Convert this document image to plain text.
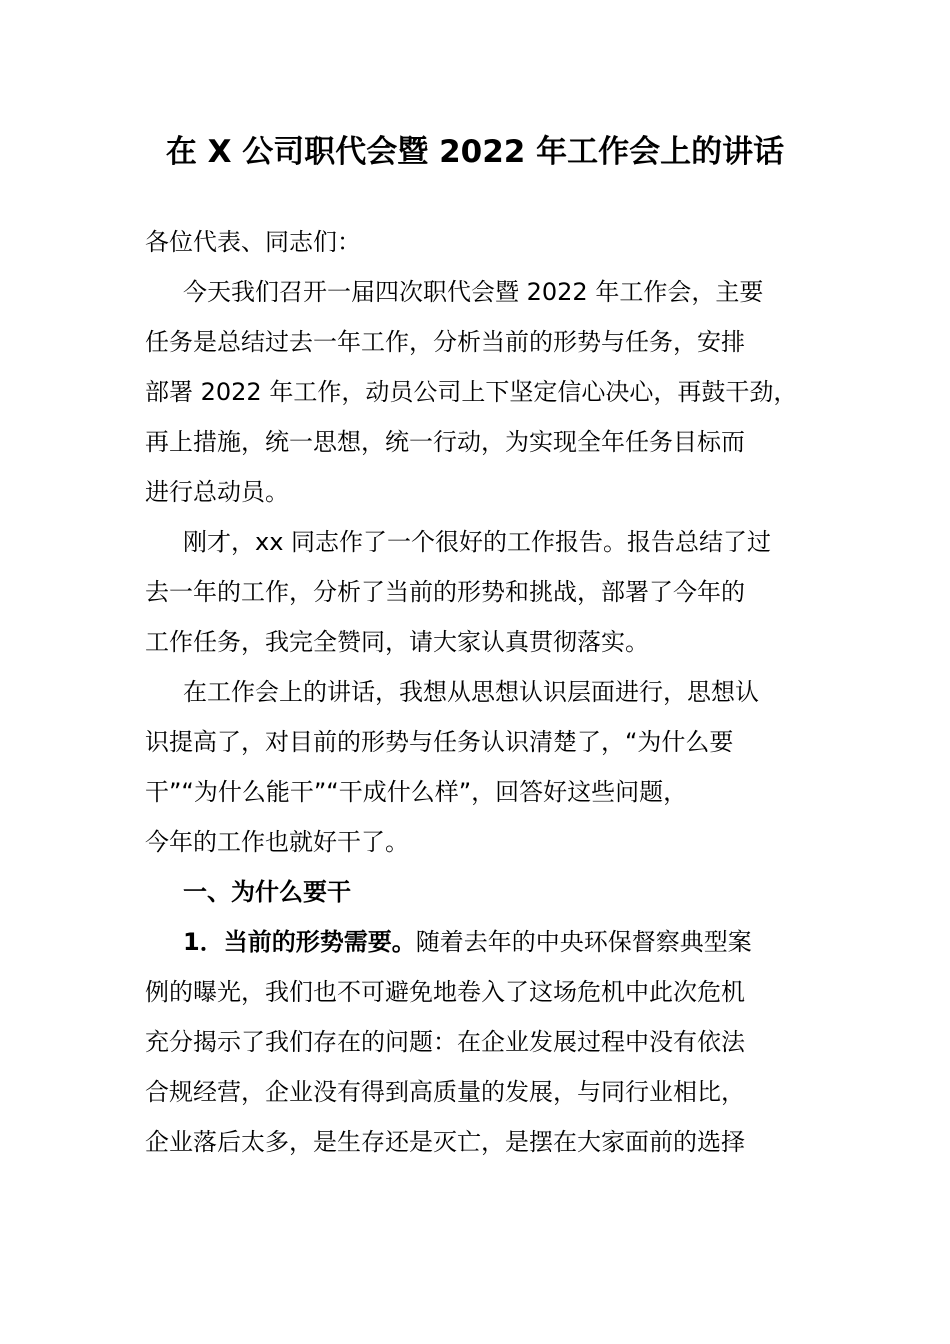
在 X 公司职代会暨 2022 年工作会上的讲话
各位代表、同志们：
今天我们召开一届四次职代会暨 2022 年工作会，主要
任务是总结过去一年工作，分析当前的形势与任务，安排
部署 2022 年工作，动员公司上下坚定信心决心，再鼓干劲，
再上措施，统一思想，统一行动，为实现全年任务目标而
进行总动员。
刚才，xx 同志作了一个很好的工作报告。报告总结了过
去一年的工作，分析了当前的形势和挑战，部署了今年的
工作任务，我完全赞同，请大家认真贯彻落实。
在工作会上的讲话，我想从思想认识层面进行，思想认
识提高了，对目前的形势与任务认识清楚了，“为什么要
干”“为什么能干”“干成什么样”，回答好这些问题，
今年的工作也就好干了。
一、为什么要干
1．当前的形势需要。随着去年的中央环保督察典型案
例的曝光，我们也不可避免地卷入了这场危机中此次危机
充分揭示了我们存在的问题：在企业发展过程中没有依法
合规经营，企业没有得到高质量的发展，与同行业相比，
企业落后太多，是生存还是灭亡，是摆在大家面前的选择
